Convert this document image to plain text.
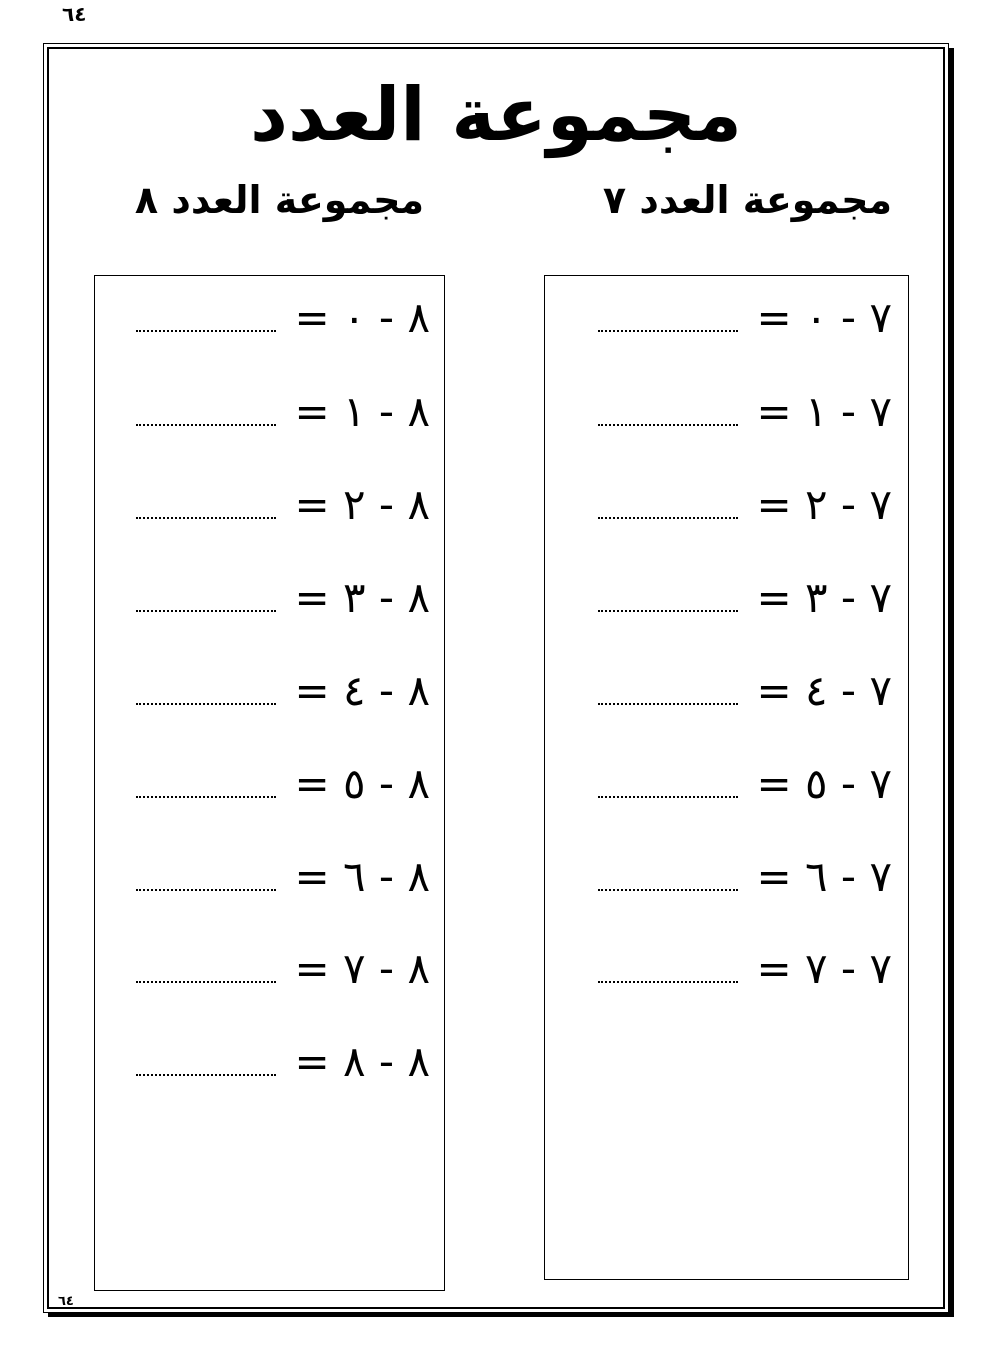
٦٤
مجموعة العدد
مجموعة العدد ٧
مجموعة العدد ٨
٧ - ٠ =
٧ - ١ =
٧ - ٢ =
٧ - ٣ =
٧ - ٤ =
٧ - ٥ =
٧ - ٦ =
٧ - ٧ =
٨ - ٠ =
٨ - ١ =
٨ - ٢ =
٨ - ٣ =
٨ - ٤ =
٨ - ٥ =
٨ - ٦ =
٨ - ٧ =
٨ - ٨ =
٦٤
